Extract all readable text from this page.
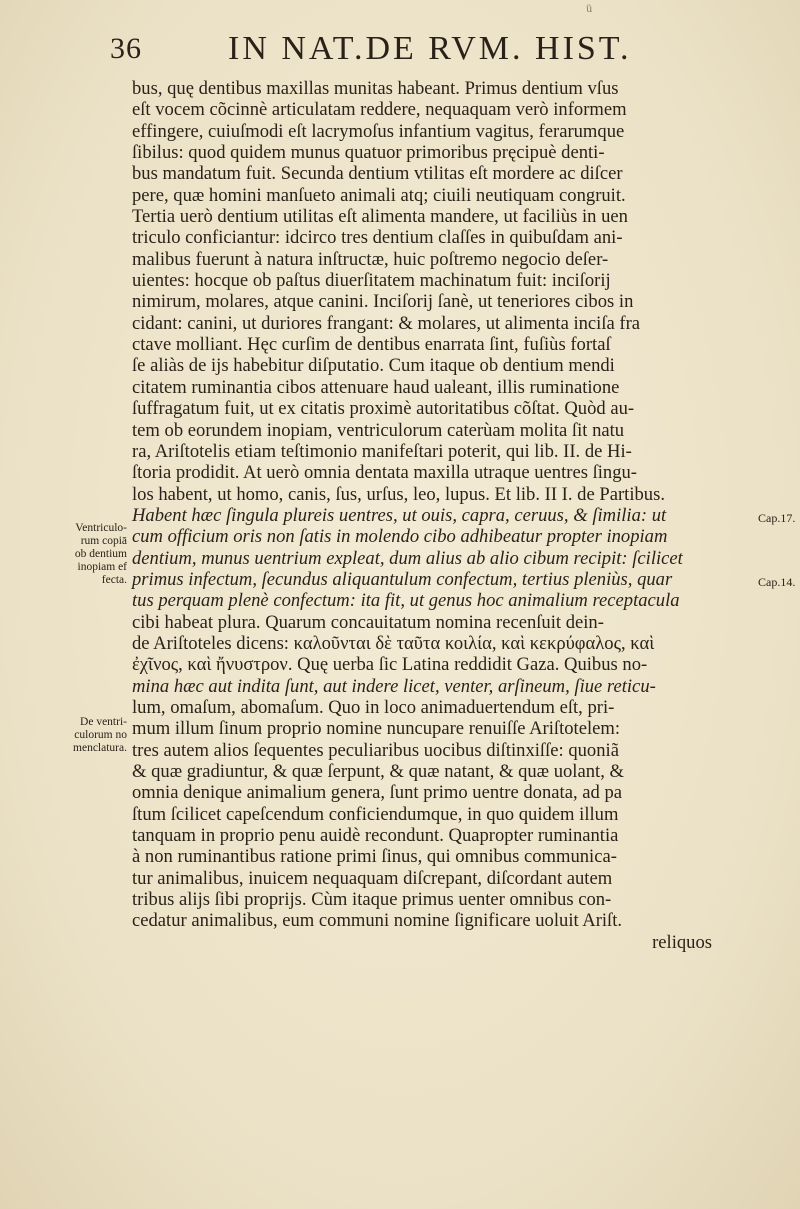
ü
36	IN NAT.DE RVM. HIST.
bus, quę dentibus maxillas munitas habeant. Primus dentium vſus
eſt vocem cõcinnè articulatam reddere, nequaquam verò informem
effingere, cuiuſmodi eſt lacrymoſus infantium vagitus, ferarumque
ſibilus: quod quidem munus quatuor primoribus pręcipuè denti-
bus mandatum fuit. Secunda dentium vtilitas eſt mordere ac diſcer
pere, quæ homini manſueto animali atq; ciuili neutiquam congruit.
Tertia uerò dentium utilitas eſt alimenta mandere, ut faciliùs in uen
triculo conficiantur: idcirco tres dentium claſſes in quibuſdam ani-
malibus fuerunt à natura inſtructæ, huic poſtremo negocio deſer-
uientes: hocque ob paſtus diuerſitatem machinatum fuit: inciſorij
nimirum, molares, atque canini. Inciſorij ſanè, ut teneriores cibos in
cidant: canini, ut duriores frangant: & molares, ut alimenta inciſa fra
ctave molliant. Hęc curſim de dentibus enarrata ſint, fuſiùs fortaſ
ſe aliàs de ijs habebitur diſputatio. Cum itaque ob dentium mendi
citatem ruminantia cibos attenuare haud ualeant, illis ruminatione
ſuffragatum fuit, ut ex citatis proximè autoritatibus cõſtat. Quòd au-
tem ob eorundem inopiam, ventriculorum caterùam molita ſit natu
ra, Ariſtotelis etiam teſtimonio manifeſtari poterit, qui lib. II. de Hi-
ſtoria prodidit. At uerò omnia dentata maxilla utraque uentres ſingu-
los habent, ut homo, canis, ſus, urſus, leo, lupus. Et lib. II I. de Partibus.
Habent hæc ſingula plureis uentres, ut ouis, capra, ceruus, & ſimilia: ut
cum officium oris non ſatis in molendo cibo adhibeatur propter inopiam
dentium, munus uentrium expleat, dum alius ab alio cibum recipit: ſcilicet
primus infectum, ſecundus aliquantulum confectum, tertius pleniùs, quar
tus perquam plenè confectum: ita fit, ut genus hoc animalium receptacula
cibi habeat plura. Quarum concauitatum nomina recenſuit dein-
de Ariſtoteles dicens: καλοῦνται δὲ ταῦτα κοιλία, καὶ κεκρύφαλος, καὶ
ἐχῖνος, καὶ ἤνυστρον. Quę uerba ſic Latina reddidit Gaza. Quibus no-
mina hæc aut indita ſunt, aut indere licet, venter, arſineum, ſiue reticu-
lum, omaſum, abomaſum. Quo in loco animaduertendum eſt, pri-
mum illum ſinum proprio nomine nuncupare renuiſſe Ariſtotelem:
tres autem alios ſequentes peculiaribus uocibus diſtinxiſſe: quoniã
& quæ gradiuntur, & quæ ſerpunt, & quæ natant, & quæ uolant, &
omnia denique animalium genera, ſunt primo uentre donata, ad pa
ſtum ſcilicet capeſcendum conficiendumque, in quo quidem illum
tanquam in proprio penu auidè recondunt. Quapropter ruminantia
à non ruminantibus ratione primi ſinus, qui omnibus communica-
tur animalibus, inuicem nequaquam diſcrepant, diſcordant autem
tribus alijs ſibi proprijs. Cùm itaque primus uenter omnibus con-
cedatur animalibus, eum communi nomine ſignificare uoluit Ariſt.
reliquos
Ventriculo-
rum copiā
ob dentium
inopiam ef
fecta.
De ventri-
culorum no
menclatura.
Cap.17.
Cap.14.
